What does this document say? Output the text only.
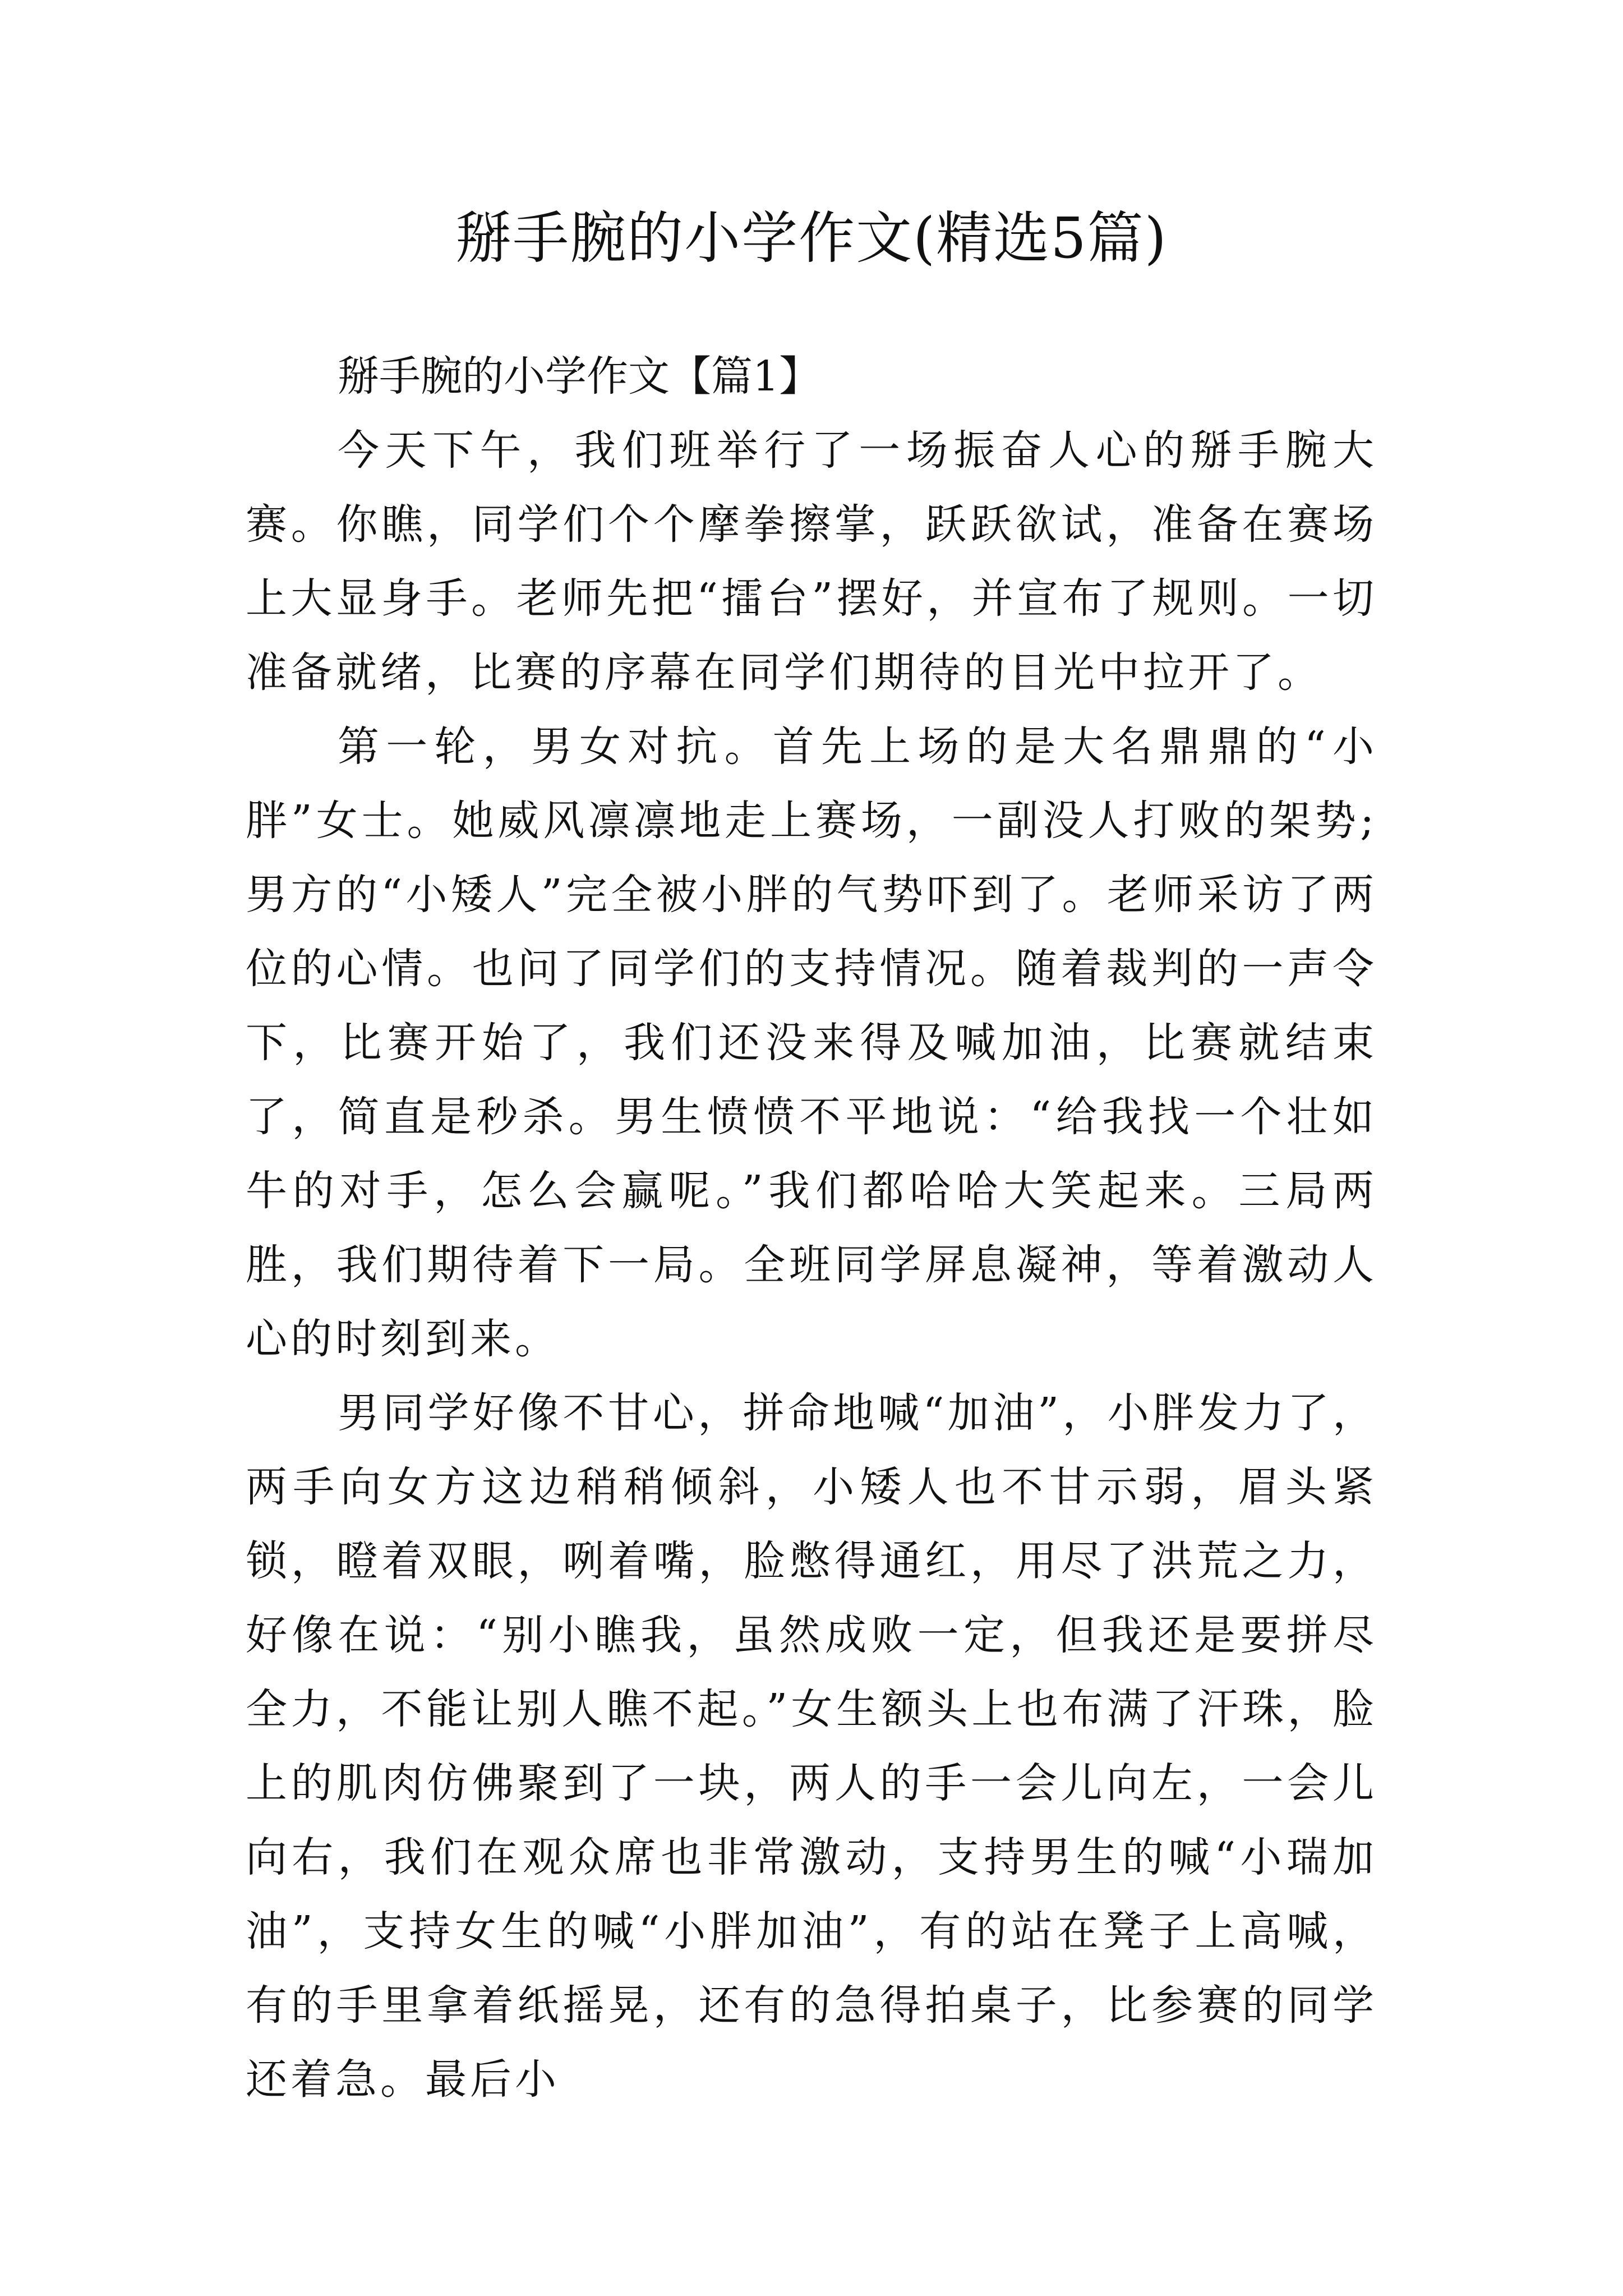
掰手腕的小学作文(精选5篇)
掰手腕的小学作文【篇1】

今天下午，我们班举行了一场振奋人心的掰手腕大赛。你瞧，同学们个个摩拳擦掌，跃跃欲试，准备在赛场上大显身手。老师先把“擂台”摆好，并宣布了规则。一切准备就绪，比赛的序幕在同学们期待的目光中拉开了。

第一轮，男女对抗。首先上场的是大名鼎鼎的“小胖”女士。她威风凛凛地走上赛场，一副没人打败的架势;男方的“小矮人”完全被小胖的气势吓到了。老师采访了两位的心情。也问了同学们的支持情况。随着裁判的一声令下，比赛开始了，我们还没来得及喊加油，比赛就结束了，简直是秒杀。男生愤愤不平地说：“给我找一个壮如牛的对手，怎么会赢呢。”我们都哈哈大笑起来。三局两胜，我们期待着下一局。全班同学屏息凝神，等着激动人心的时刻到来。

男同学好像不甘心，拼命地喊“加油”，小胖发力了，两手向女方这边稍稍倾斜，小矮人也不甘示弱，眉头紧锁，瞪着双眼，咧着嘴，脸憋得通红，用尽了洪荒之力，好像在说：“别小瞧我，虽然成败一定，但我还是要拼尽全力，不能让别人瞧不起。”女生额头上也布满了汗珠，脸上的肌肉仿佛聚到了一块，两人的手一会儿向左，一会儿向右，我们在观众席也非常激动，支持男生的喊“小瑞加油”，支持女生的喊“小胖加油”，有的站在凳子上高喊，有的手里拿着纸摇晃，还有的急得拍桌子，比参赛的同学还着急。最后小
